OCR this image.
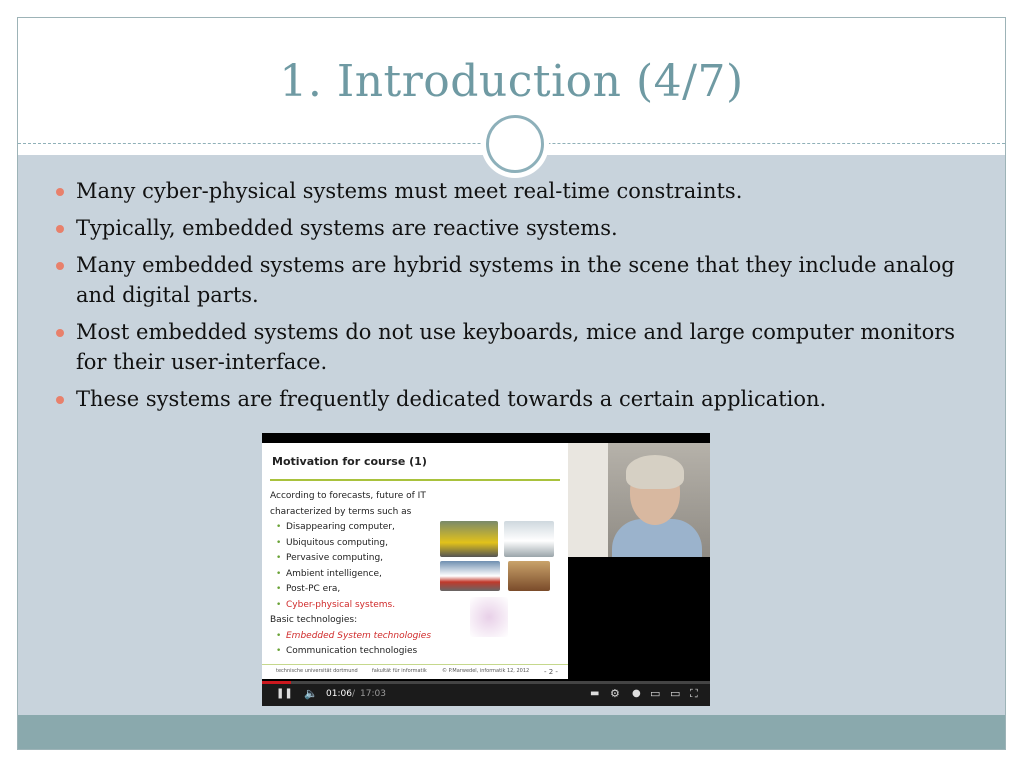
1. Introduction (4/7)
Many cyber-physical systems must meet real-time constraints.
Typically, embedded systems are reactive systems.
Many embedded systems are hybrid systems in the scene that they include analog and digital parts.
Most embedded systems do not use keyboards, mice and large computer monitors for their user-interface.
These systems are frequently dedicated towards a certain application.
Motivation for course (1)
According to forecasts, future of IT
characterized by terms such as
• Disappearing computer,
• Ubiquitous computing,
• Pervasive computing,
• Ambient intelligence,
• Post-PC era,
• Cyber-physical systems.
Basic technologies:
• Embedded System technologies
• Communication technologies
technische universität dortmund	fakultät für informatik	© P.Marwedel, informatik 12, 2012 - 2 -
❚❚ 🔈 01:06 / 17:03	▬ ⚙ ● ▭ ▭ ⛶
